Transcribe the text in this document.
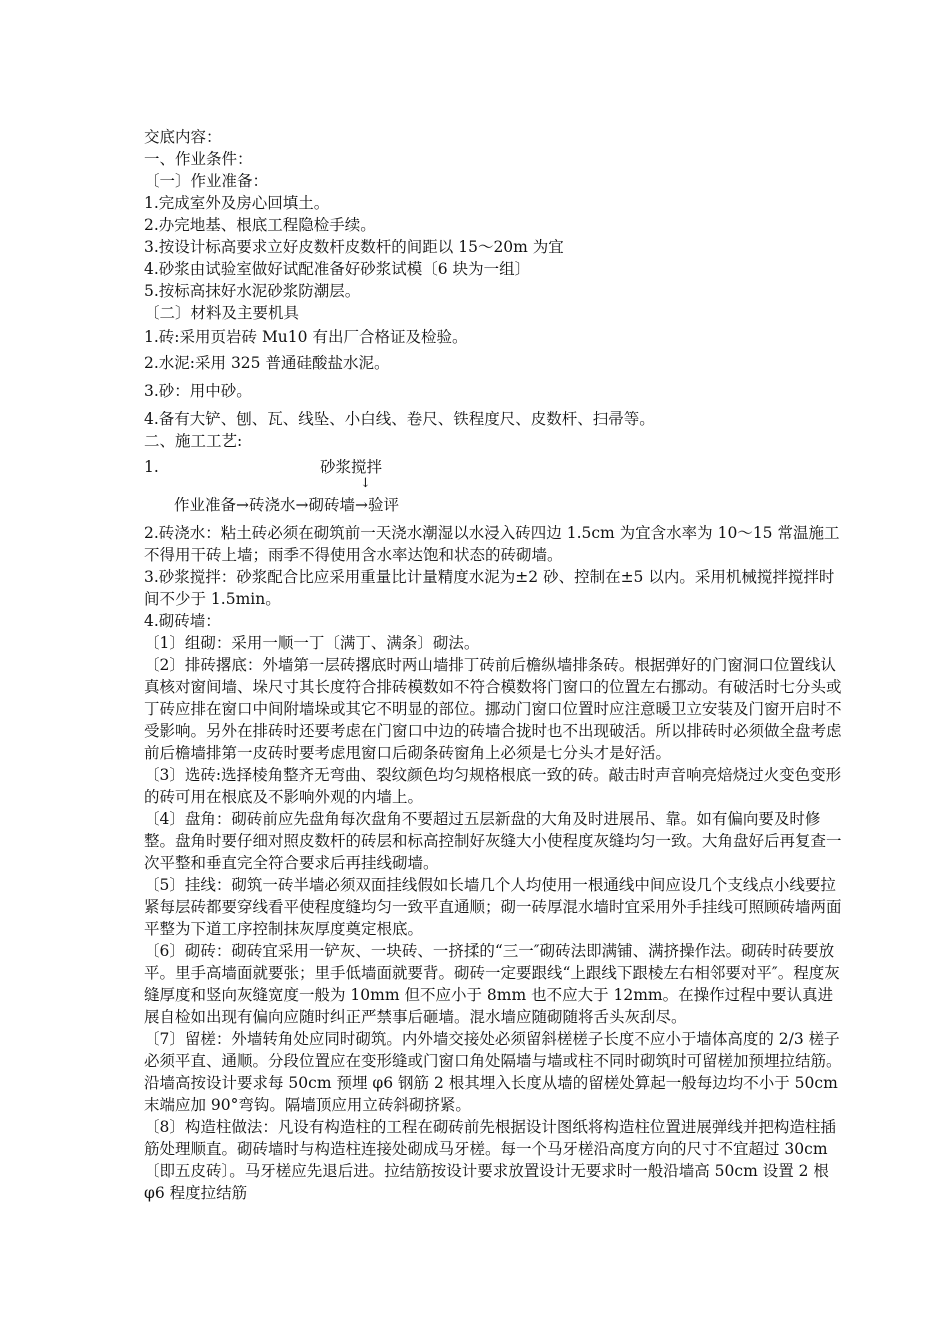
交底内容：
一、作业条件：
〔一〕作业准备：
1.完成室外及房心回填土。
2.办完地基、根底工程隐检手续。
3.按设计标高要求立好皮数杆皮数杆的间距以 15～20m 为宜
4.砂浆由试验室做好试配准备好砂浆试模〔6 块为一组〕
5.按标高抹好水泥砂浆防潮层。
〔二〕材料及主要机具
1.砖:采用页岩砖 Mu10 有出厂合格证及检验。
2.水泥:采用 325 普通硅酸盐水泥。
3.砂：用中砂。
4.备有大铲、刨、瓦、线坠、小白线、卷尺、铁程度尺、皮数杆、扫帚等。
二、施工工艺:
1.	砂浆搅拌
↓
作业准备→砖浇水→砌砖墙→验评
2.砖浇水：粘土砖必须在砌筑前一天浇水潮湿以水浸入砖四边 1.5cm 为宜含水率为 10～15 常温施工不得用干砖上墙；雨季不得使用含水率达饱和状态的砖砌墙。
3.砂浆搅拌：砂浆配合比应采用重量比计量精度水泥为±2 砂、控制在±5 以内。采用机械搅拌搅拌时间不少于 1.5min。
4.砌砖墙：
〔1〕组砌：采用一顺一丁〔满丁、满条〕砌法。
〔2〕排砖撂底：外墙第一层砖撂底时两山墙排丁砖前后檐纵墙排条砖。根据弹好的门窗洞口位置线认真核对窗间墙、垛尺寸其长度符合排砖模数如不符合模数将门窗口的位置左右挪动。有破活时七分头或丁砖应排在窗口中间附墙垛或其它不明显的部位。挪动门窗口位置时应注意暖卫立安装及门窗开启时不受影响。另外在排砖时还要考虑在门窗口中边的砖墙合拢时也不出现破活。所以排砖时必须做全盘考虑前后檐墙排第一皮砖时要考虑甩窗口后砌条砖窗角上必须是七分头才是好活。
〔3〕选砖:选择棱角整齐无弯曲、裂纹颜色均匀规格根底一致的砖。敲击时声音响亮焙烧过火变色变形的砖可用在根底及不影响外观的内墙上。
〔4〕盘角：砌砖前应先盘角每次盘角不要超过五层新盘的大角及时进展吊、靠。如有偏向要及时修整。盘角时要仔细对照皮数杆的砖层和标高控制好灰缝大小使程度灰缝均匀一致。大角盘好后再复查一次平整和垂直完全符合要求后再挂线砌墙。
〔5〕挂线：砌筑一砖半墙必须双面挂线假如长墙几个人均使用一根通线中间应设几个支线点小线要拉紧每层砖都要穿线看平使程度缝均匀一致平直通顺；砌一砖厚混水墙时宜采用外手挂线可照顾砖墙两面平整为下道工序控制抹灰厚度奠定根底。
〔6〕砌砖：砌砖宜采用一铲灰、一块砖、一挤揉的“三一″砌砖法即满铺、满挤操作法。砌砖时砖要放平。里手高墙面就要张；里手低墙面就要背。砌砖一定要跟线“上跟线下跟棱左右相邻要对平″。程度灰缝厚度和竖向灰缝宽度一般为 10mm 但不应小于 8mm 也不应大于 12mm。在操作过程中要认真进展自检如出现有偏向应随时纠正严禁事后砸墙。混水墙应随砌随将舌头灰刮尽。
〔7〕留槎：外墙转角处应同时砌筑。内外墙交接处必须留斜槎槎子长度不应小于墙体高度的 2/3 槎子必须平直、通顺。分段位置应在变形缝或门窗口角处隔墙与墙或柱不同时砌筑时可留槎加预埋拉结筋。沿墙高按设计要求每 50cm 预埋 φ6 钢筋 2 根其埋入长度从墙的留槎处算起一般每边均不小于 50cm 末端应加 90°弯钩。隔墙顶应用立砖斜砌挤紧。
〔8〕构造柱做法：凡设有构造柱的工程在砌砖前先根据设计图纸将构造柱位置进展弹线并把构造柱插筋处理顺直。砌砖墙时与构造柱连接处砌成马牙槎。每一个马牙槎沿高度方向的尺寸不宜超过 30cm〔即五皮砖〕。马牙槎应先退后进。拉结筋按设计要求放置设计无要求时一般沿墙高 50cm 设置 2 根 φ6 程度拉结筋
